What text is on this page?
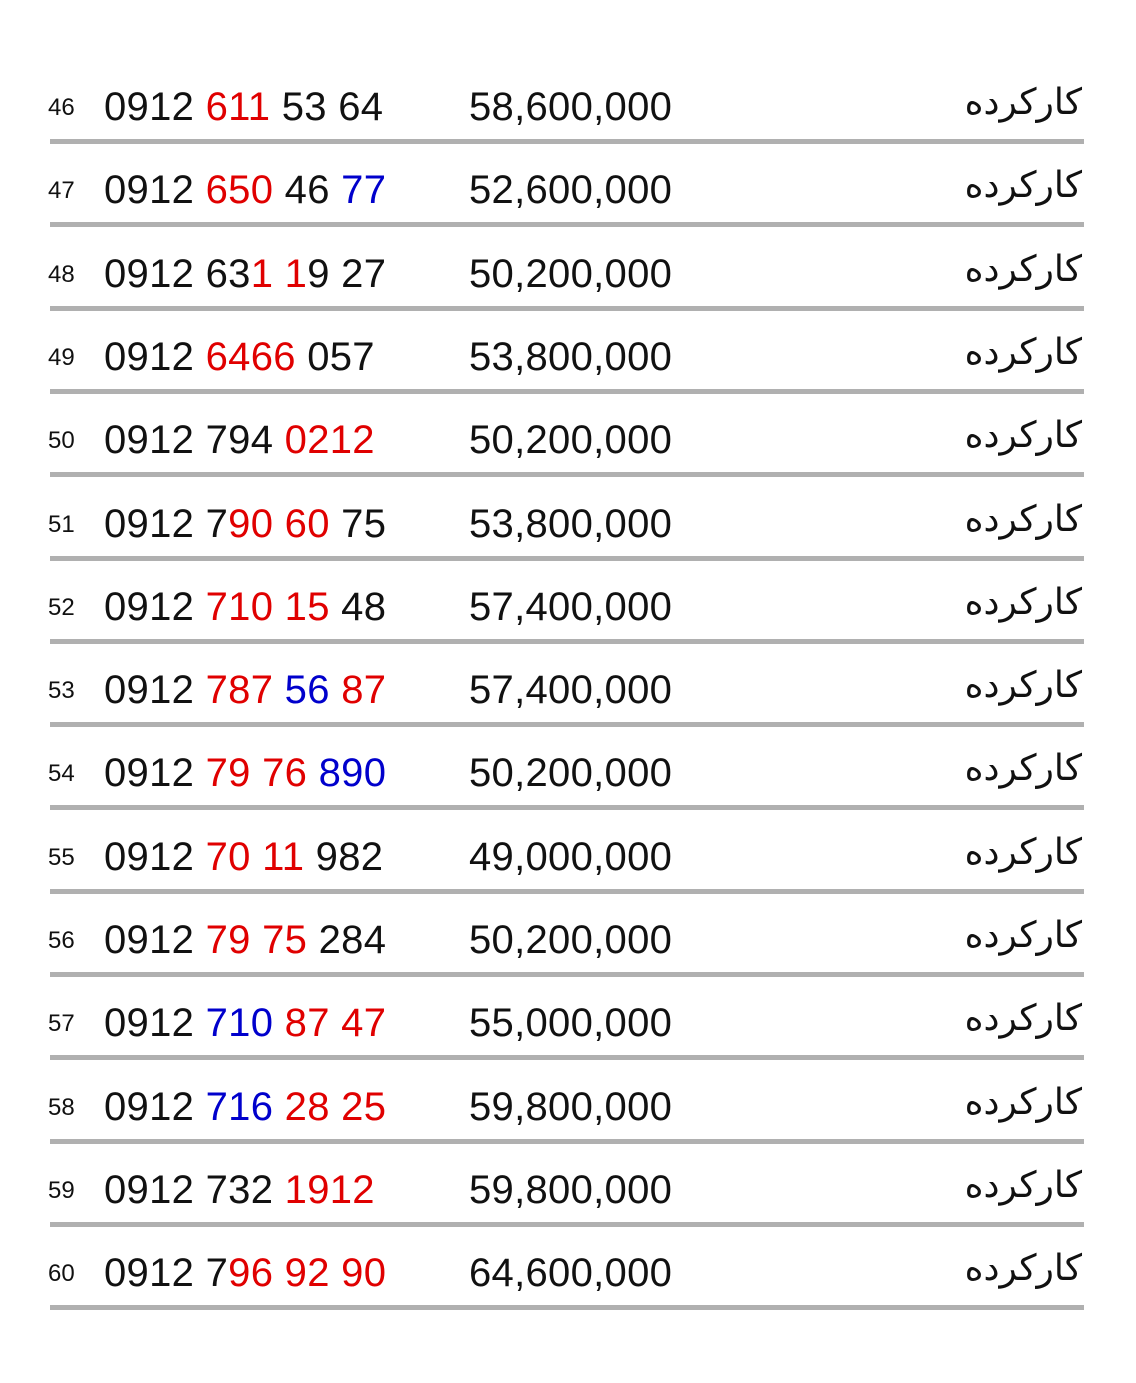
46 0912 611 53 64 58,600,000	کارکرده
47 0912 650 46 77 52,600,000	کارکرده
48 0912 631 19 27 50,200,000	کارکرده
49 0912 6466 057 53,800,000	کارکرده
50 0912 794 0212 50,200,000	کارکرده
51 0912 790 60 75 53,800,000	کارکرده
52 0912 710 15 48 57,400,000	کارکرده
53 0912 787 56 87 57,400,000	کارکرده
54 0912 79 76 890 50,200,000	کارکرده
55 0912 70 11 982 49,000,000	کارکرده
56 0912 79 75 284 50,200,000	کارکرده
57 0912 710 87 47 55,000,000	کارکرده
58 0912 716 28 25 59,800,000	کارکرده
59 0912 732 1912 59,800,000	کارکرده
60 0912 796 92 90 64,600,000	کارکرده
